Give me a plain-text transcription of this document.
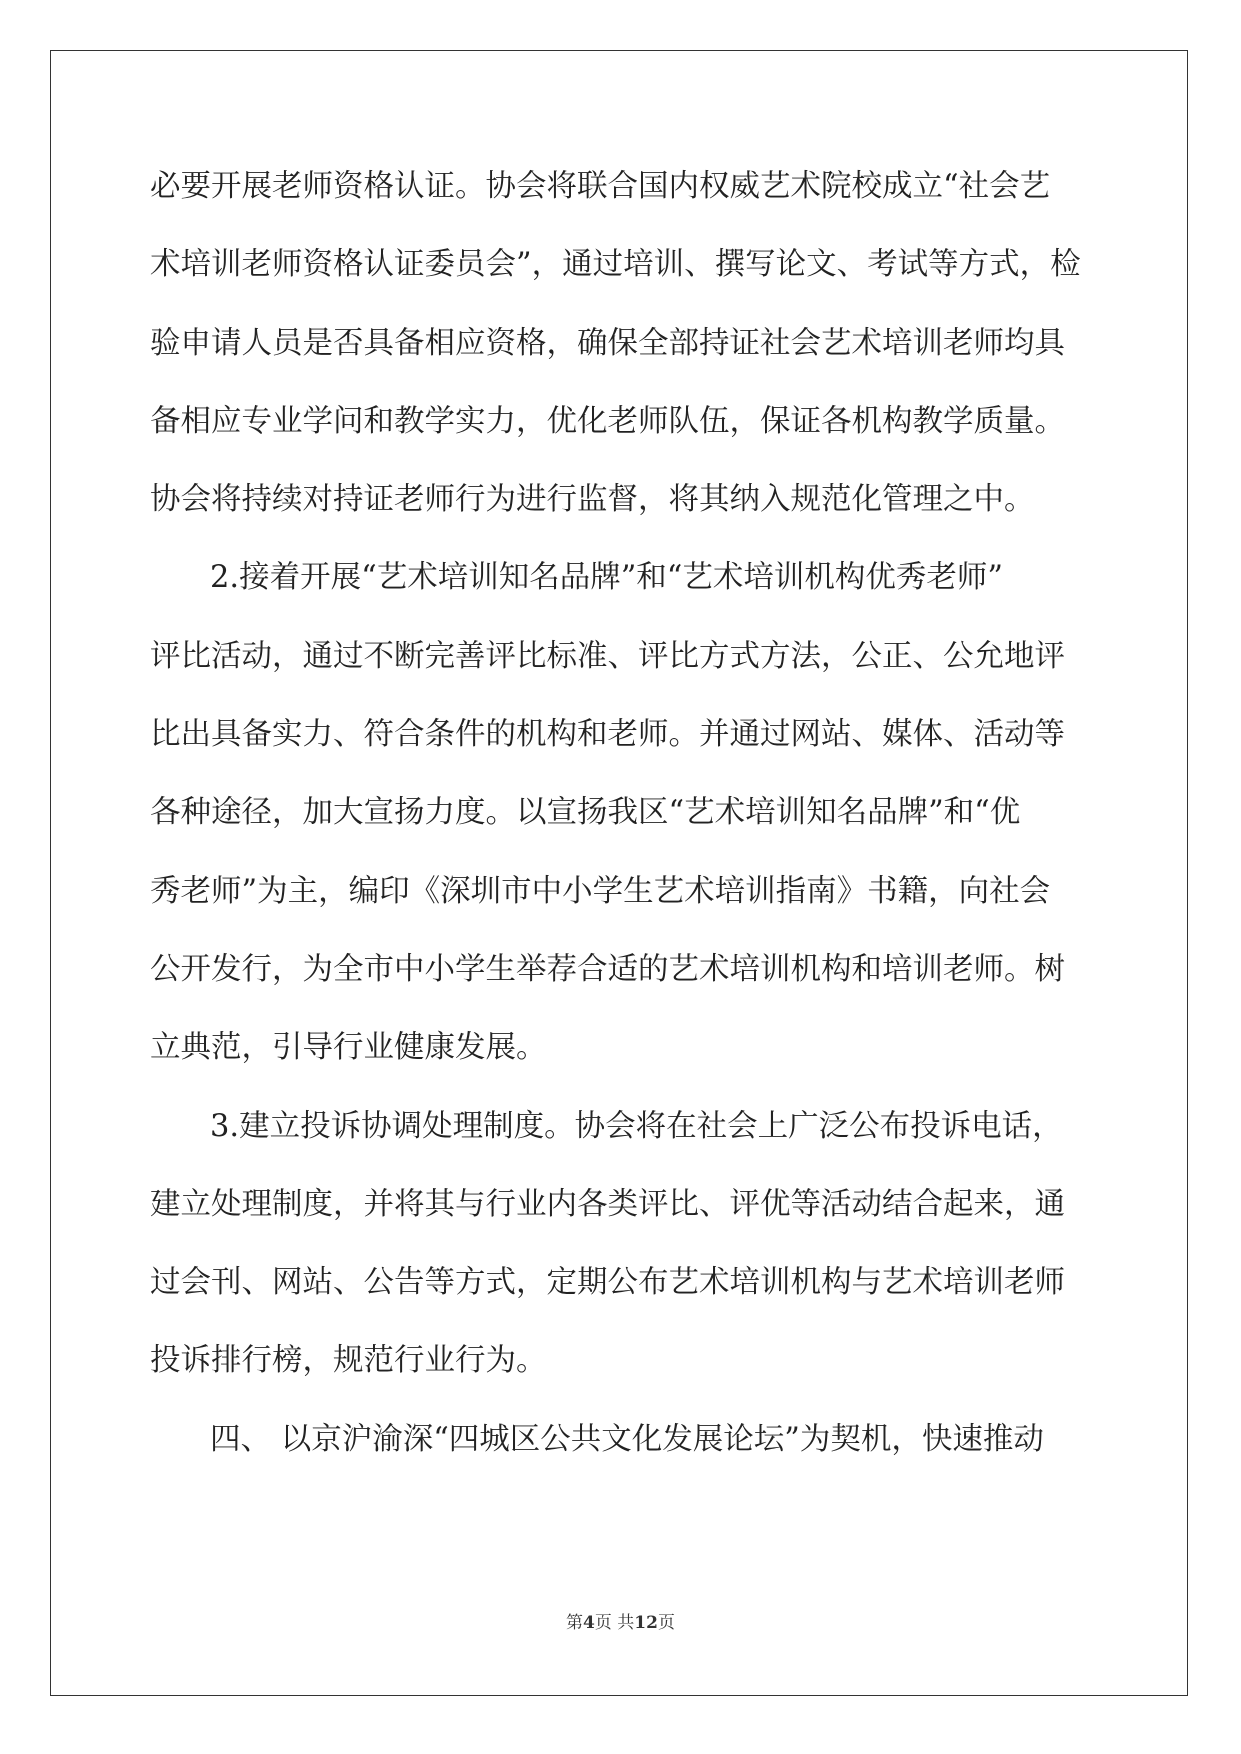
必要开展老师资格认证。协会将联合国内权威艺术院校成立“社会艺
术培训老师资格认证委员会”，通过培训、撰写论文、考试等方式，检
验申请人员是否具备相应资格，确保全部持证社会艺术培训老师均具
备相应专业学问和教学实力，优化老师队伍，保证各机构教学质量。
协会将持续对持证老师行为进行监督，将其纳入规范化管理之中。
2.接着开展“艺术培训知名品牌”和“艺术培训机构优秀老师”
评比活动，通过不断完善评比标准、评比方式方法，公正、公允地评
比出具备实力、符合条件的机构和老师。并通过网站、媒体、活动等
各种途径，加大宣扬力度。以宣扬我区“艺术培训知名品牌”和“优
秀老师”为主，编印《深圳市中小学生艺术培训指南》书籍，向社会
公开发行，为全市中小学生举荐合适的艺术培训机构和培训老师。树
立典范，引导行业健康发展。
3.建立投诉协调处理制度。协会将在社会上广泛公布投诉电话，
建立处理制度，并将其与行业内各类评比、评优等活动结合起来，通
过会刊、网站、公告等方式，定期公布艺术培训机构与艺术培训老师
投诉排行榜，规范行业行为。
四、 以京沪渝深“四城区公共文化发展论坛”为契机，快速推动
第4页 共12页
